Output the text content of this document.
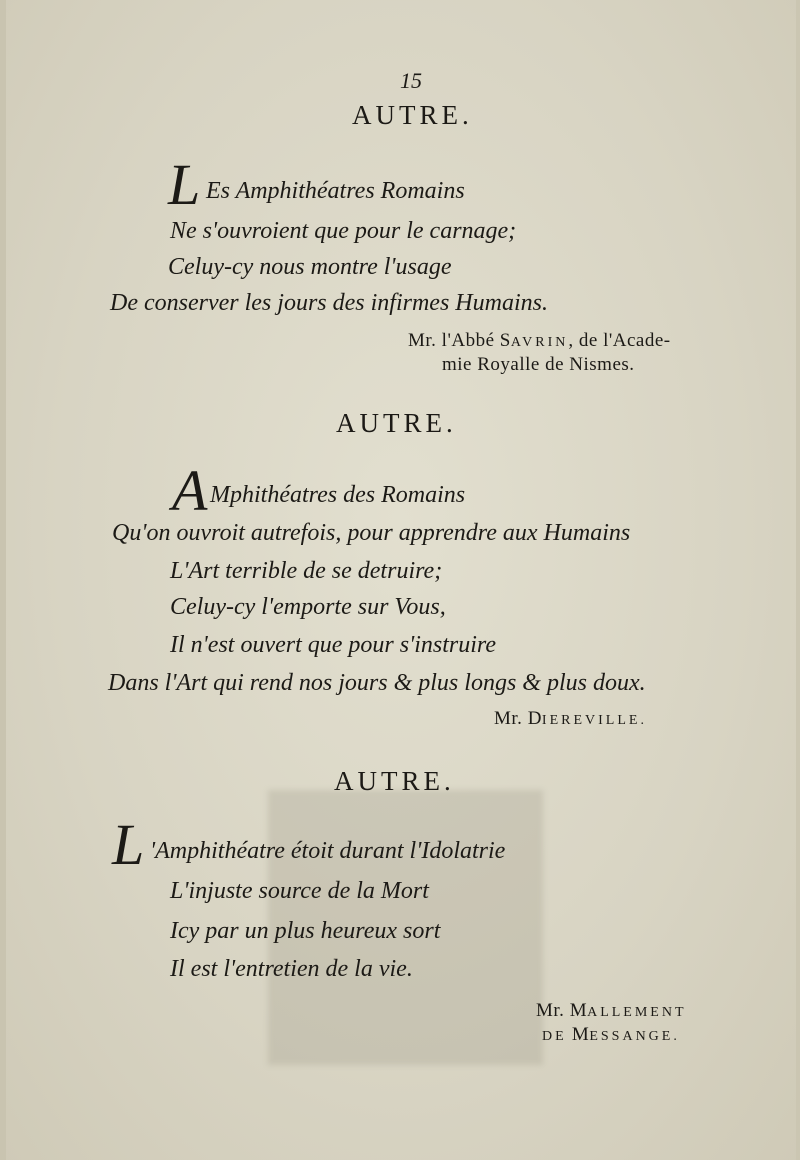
15
AUTRE.
L Es Amphithéatres Romains
Ne s'ouvroient que pour le carnage;
Celuy-cy nous montre l'usage
De conserver les jours des infirmes Humains.
Mr. l'Abbé SAVRIN, de l'Acade-
mie Royalle de Nismes.
AUTRE.
A Mphithéatres des Romains
Qu'on ouvroit autrefois, pour apprendre aux Humains
L'Art terrible de se detruire;
Celuy-cy l'emporte sur Vous,
Il n'est ouvert que pour s'instruire
Dans l'Art qui rend nos jours & plus longs & plus doux.
Mr. DIEREVILLE.
AUTRE.
L 'Amphithéatre étoit durant l'Idolatrie
L'injuste source de la Mort
Icy par un plus heureux sort
Il est l'entretien de la vie.
Mr. MALLEMENT
DE MESSANGE.
